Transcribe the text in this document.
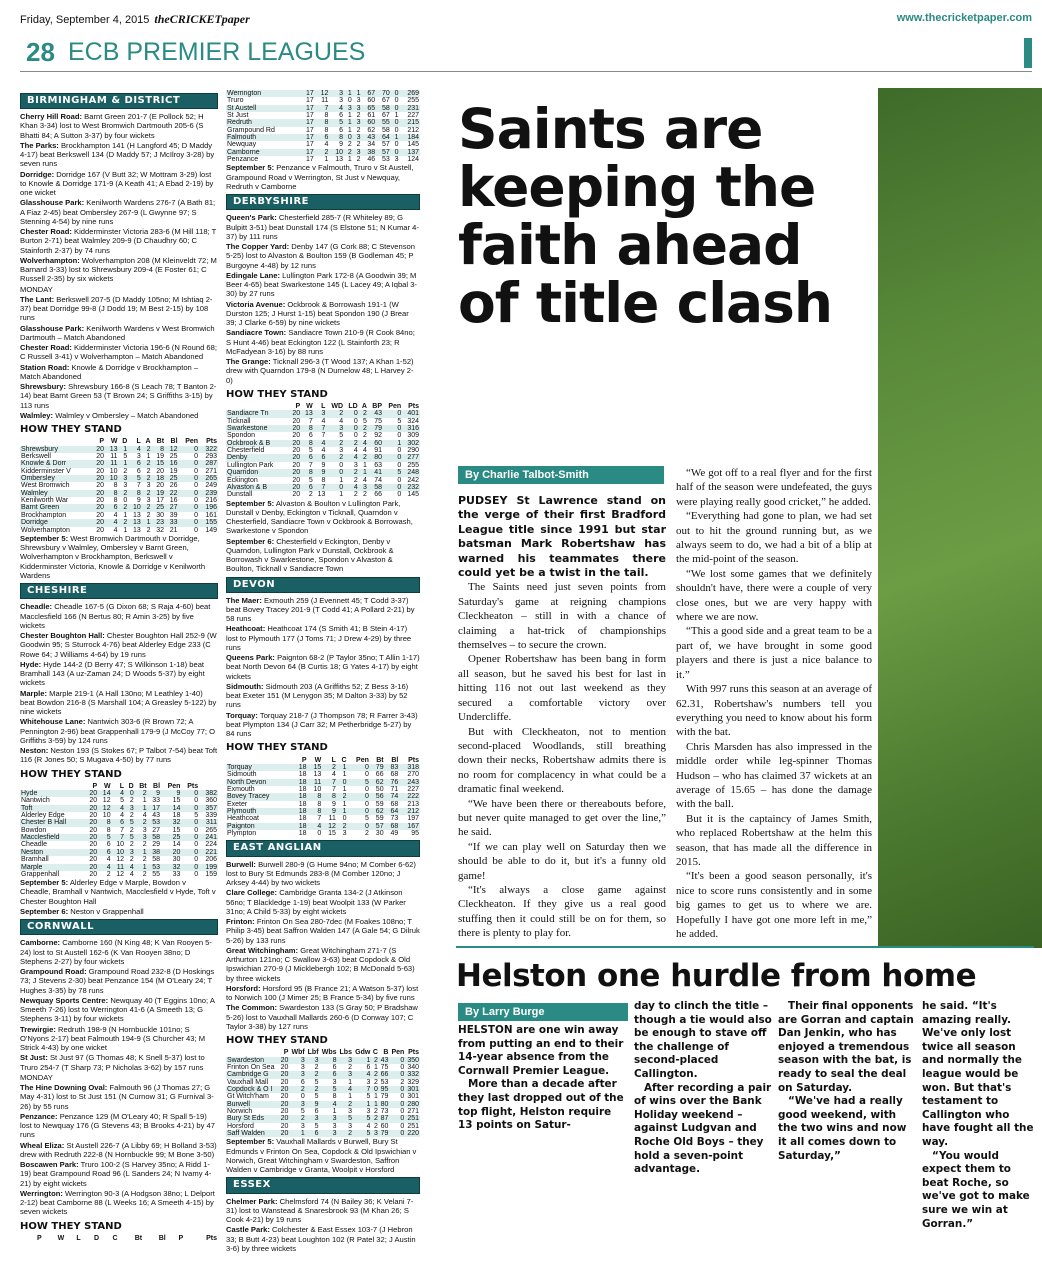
Friday, September 4, 2015 theCRICKETpaper	www.thecricketpaper.com
28 ECB PREMIER LEAGUES
BIRMINGHAM & DISTRICT
Cherry Hill Road: Barnt Green 201-7 (E Pollock 52; H Khan 3-34) lost to West Bromwich Dartmouth 205-6 (S Bhatti 84; A Sutton 3-37) by four wickets
The Parks: Brockhampton 141 (H Langford 45; D Maddy 4-17) beat Berkswell 134 (D Maddy 57; J McIlroy 3-28) by seven runs
Dorridge: Dorridge 167 (V Butt 32; W Mottram 3-29) lost to Knowle & Dorridge 171-9 (A Keath 41; A Ebad 2-19) by one wicket
Glasshouse Park: Kenilworth Wardens 276-7 (A Bath 81; A Fiaz 2-45) beat Ombersley 267-9 (L Gwynne 97; S Stenning 4-54) by nine runs
Chester Road: Kidderminster Victoria 283-6 (M Hill 118; T Burton 2-71) beat Walmley 209-9 (D Chaudhry 60; C Stainforth 2-37) by 74 runs
Wolverhampton: Wolverhampton 208 (M Kleinveldt 72; M Barnard 3-33) lost to Shrewsbury 209-4 (E Foster 61; C Russell 2-35) by six wickets
MONDAY
The Lant: Berkswell 207-5 (D Maddy 105no; M Ishtiaq 2-37) beat Dorridge 99-8 (J Dodd 19; M Best 2-15) by 108 runs
Glasshouse Park: Kenilworth Wardens v West Bromwich Dartmouth – Match Abandoned
Chester Road: Kidderminster Victoria 196-6 (N Round 68; C Russell 3-41) v Wolverhampton – Match Abandoned
Station Road: Knowle & Dorridge v Brockhampton – Match Abandoned
Shrewsbury: Shrewsbury 166-8 (S Leach 78; T Banton 2-14) beat Barnt Green 53 (T Brown 24; S Griffiths 3-15) by 113 runs
Walmley: Walmley v Ombersley – Match Abandoned
HOW THEY STAND
	P	W	D	L	A	Bt	Bl	Pen	Pts
Shrewsbury	20	13	1	4	2	8	12	0	322
Berkswell	20	11	5	3	1	19	25	0	293
Knowle & Dorr	20	11	1	6	2	15	16	0	287
Kidderminster V	20	10	2	6	2	20	19	0	271
Ombersley	20	10	3	5	2	18	25	0	265
West Bromwich	20	8	3	7	3	20	26	0	249
Walmley	20	8	2	8	2	19	22	0	239
Kenilworth War	20	8	0	9	3	17	16	0	216
Barnt Green	20	6	2	10	2	25	27	0	196
Brockhampton	20	4	1	13	2	30	39	0	161
Dorridge	20	4	2	13	1	23	33	0	155
Wolverhampton	20	4	1	13	2	32	21	0	149
September 5: West Bromwich Dartmouth v Dorridge, Shrewsbury v Walmley, Ombersley v Barnt Green, Wolverhampton v Brockhampton, Berkswell v Kidderminster Victoria, Knowle & Dorridge v Kenilworth Wardens
CHESHIRE
Cheadle: Cheadle 167-5 (G Dixon 68; S Raja 4-60) beat Macclesfield 166 (N Bertus 80; R Amin 3-25) by five wickets
Chester Boughton Hall: Chester Boughton Hall 252-9 (W Goodwin 95; S Sturrock 4-76) beat Alderley Edge 233 (C Rowe 64; J Williams 4-64) by 19 runs
Hyde: Hyde 144-2 (D Berry 47; S Wilkinson 1-18) beat Bramhall 143 (A uz-Zaman 24; D Woods 5-37) by eight wickets
Marple: Marple 219-1 (A Hall 130no; M Leathley 1-40) beat Bowdon 216-8 (S Marshall 104; A Greasley 5-122) by nine wickets
Whitehouse Lane: Nantwich 303-6 (R Brown 72; A Pennington 2-96) beat Grappenhall 179-9 (J McCoy 77; O Griffiths 3-59) by 124 runs
Neston: Neston 193 (S Stokes 67; P Talbot 7-54) beat Toft 116 (R Jones 50; S Mugava 4-50) by 77 runs
HOW THEY STAND
	P	W	L	D	Bt	Bl	Pen	Pts	
Hyde	20	14	4	0	2	9	9	0	382
Nantwich	20	12	5	2	1	33	15	0	360
Toft	20	12	4	3	1	17	14	0	357
Alderley Edge	20	10	4	2	4	43	18	5	339
Chester B Hall	20	8	6	5	2	53	32	0	311
Bowdon	20	8	7	2	3	27	15	0	265
Macclesfield	20	5	7	5	3	58	25	0	241
Cheadle	20	6	10	2	2	29	14	0	224
Neston	20	6	10	3	1	38	20	0	221
Bramhall	20	4	12	2	2	58	30	0	206
Marple	20	4	11	4	1	53	32	0	199
Grappenhall	20	2	12	4	2	55	33	0	159
September 5: Alderley Edge v Marple, Bowdon v Cheadle, Bramhall v Nantwich, Macclesfield v Hyde, Toft v Chester Boughton Hall
September 6: Neston v Grappenhall
CORNWALL
Camborne: Camborne 160 (N King 48; K Van Rooyen 5-24) lost to St Austell 162-6 (K Van Rooyen 38no; D Stephens 2-27) by four wickets
Grampound Road: Grampound Road 232-8 (D Hoskings 73; J Stevens 2-30) beat Penzance 154 (M O'Leary 24; T Hughes 3-35) by 78 runs
Newquay Sports Centre: Newquay 40 (T Eggins 10no; A Smeeth 7-26) lost to Werrington 41-6 (A Smeeth 13; G Stephens 3-11) by four wickets
Trewirgie: Redruth 198-9 (N Hornbuckle 101no; S O'Nyons 2-17) beat Falmouth 194-9 (S Churcher 43; M Strick 4-43) by one wicket
St Just: St Just 97 (G Thomas 48; K Snell 5-37) lost to Truro 254-7 (T Sharp 73; P Nicholas 3-62) by 157 runs
MONDAY
The Hine Downing Oval: Falmouth 96 (J Thomas 27; G May 4-31) lost to St Just 151 (N Curnow 31; G Furnival 3-26) by 55 runs
Penzance: Penzance 129 (M O'Leary 40; R Spall 5-19) lost to Newquay 176 (G Stevens 43; B Brooks 4-21) by 47 runs
Wheal Eliza: St Austell 226-7 (A Libby 69; H Bolland 3-53) drew with Redruth 222-8 (N Hornbuckle 99; M Bone 3-50)
Boscawen Park: Truro 100-2 (S Harvey 35no; A Ridd 1-19) beat Grampound Road 96 (L Sanders 24; N Ivamy 4-21) by eight wickets
Werrington: Werrington 90-3 (A Hodgson 38no; L Delport 2-12) beat Camborne 88 (L Weeks 16; A Smeeth 4-15) by seven wickets
HOW THEY STAND
	P	W	L	D	C	Bt	Bl	P	Pts
Werrington	17	12	3	1	1	67	70	0	269
Truro	17	11	3	0	3	60	67	0	255
St Austell	17	7	4	3	3	65	58	0	231
St Just	17	8	6	1	2	61	67	1	227
Redruth	17	8	5	1	3	60	55	0	215
Grampound Rd	17	8	6	1	2	62	58	0	212
Falmouth	17	6	8	0	3	43	64	1	184
Newquay	17	4	9	2	2	34	57	0	145
Camborne	17	2	10	2	3	38	57	0	137
Penzance	17	1	13	1	2	46	53	3	124
September 5: Penzance v Falmouth, Truro v St Austell, Grampound Road v Werrington, St Just v Newquay, Redruth v Camborne
DERBYSHIRE
Queen's Park: Chesterfield 285-7 (R Whiteley 89; G Bulpitt 3-51) beat Dunstall 174 (S Elstone 51; N Kumar 4-37) by 111 runs
The Copper Yard: Denby 147 (G Cork 88; C Stevenson 5-25) lost to Alvaston & Boulton 159 (B Godleman 45; P Burgoyne 4-48) by 12 runs
Edingale Lane: Lullington Park 172-8 (A Goodwin 39; M Beer 4-65) beat Swarkestone 145 (L Lacey 49; A Iqbal 3-30) by 27 runs
Victoria Avenue: Ockbrook & Borrowash 191-1 (W Durston 125; J Hurst 1-15) beat Spondon 190 (J Brear 39; J Clarke 6-59) by nine wickets
Sandiacre Town: Sandiacre Town 210-9 (R Cook 84no; S Hunt 4-46) beat Eckington 122 (L Stainforth 23; R McFadyean 3-16) by 88 runs
The Grange: Ticknall 296-3 (T Wood 137; A Khan 1-52) drew with Quarndon 179-8 (N Durnelow 48; L Harvey 2-0)
HOW THEY STAND
	P	W	L	WD	LD	A	BP	Pen	Pts
Sandiacre Tn	20	13	3	2	0	2	43	0	401
Ticknall	20	7	4	4	0	5	75	5	324
Swarkestone	20	8	7	3	0	2	79	0	316
Spondon	20	6	7	5	0	2	92	0	309
Ockbrook & B	20	8	4	2	2	4	60	1	302
Chesterfield	20	5	4	3	4	4	91	0	290
Denby	20	6	6	2	4	2	80	0	277
Lullington Park	20	7	9	0	3	1	63	0	255
Quarndon	20	8	9	0	2	1	41	5	248
Eckington	20	5	8	1	2	4	74	0	242
Alvaston & B	20	6	7	0	4	3	58	0	232
Dunstall	20	2	13	1	2	2	66	0	145
September 5: Alvaston & Boulton v Lullington Park, Dunstall v Denby, Eckington v Ticknall, Quarndon v Chesterfield, Sandiacre Town v Ockbrook & Borrowash, Swarkestone v Spondon
September 6: Chesterfield v Eckington, Denby v Quarndon, Lullington Park v Dunstall, Ockbrook & Borrowash v Swarkestone, Spondon v Alvaston & Boulton, Ticknall v Sandiacre Town
DEVON
The Maer: Exmouth 259 (J Evennett 45; T Codd 3-37) beat Bovey Tracey 201-9 (T Codd 41; A Pollard 2-21) by 58 runs
Heathcoat: Heathcoat 174 (S Smith 41; B Stein 4-17) lost to Plymouth 177 (J Toms 71; J Drew 4-29) by three runs
Queens Park: Paignton 68-2 (P Taylor 35no; T Allin 1-17) beat North Devon 64 (B Curtis 18; G Yates 4-17) by eight wickets
Sidmouth: Sidmouth 203 (A Griffiths 52; Z Bess 3-16) beat Exeter 151 (M Lenygon 35; M Dalton 3-33) by 52 runs
Torquay: Torquay 218-7 (J Thompson 78; R Farrer 3-43) beat Plympton 134 (J Carr 32; M Petherbridge 5-27) by 84 runs
HOW THEY STAND
	P	W	L	C	Pen	Bt	Bl	Pts
Torquay	18	15	2	1	0	79	83	318
Sidmouth	18	13	4	1	0	66	68	270
North Devon	18	11	7	0	5	62	76	243
Exmouth	18	10	7	1	0	50	71	227
Bovey Tracey	18	8	8	2	0	56	74	222
Exeter	18	8	9	1	0	59	68	213
Plymouth	18	8	9	1	0	62	64	212
Heathcoat	18	7	11	0	5	59	73	197
Paignton	18	4	12	2	0	57	68	167
Plympton	18	0	15	3	2	30	49	95
EAST ANGLIAN
Burwell: Burwell 280-9 (G Hume 94no; M Comber 6-62) lost to Bury St Edmunds 283-8 (M Comber 120no; J Arksey 4-44) by two wickets
Clare College: Cambridge Granta 134-2 (J Atkinson 56no; T Blackledge 1-19) beat Woolpit 133 (W Parker 31no; A Child 5-33) by eight wickets
Frinton: Frinton On Sea 280-7dec (M Foakes 108no; T Philip 3-45) beat Saffron Walden 147 (A Gale 54; G Dilruk 5-26) by 133 runs
Great Witchingham: Great Witchingham 271-7 (S Arthurton 121no; C Swallow 3-63) beat Copdock & Old Ipswichian 270-9 (J Micklebergh 102; B McDonald 5-63) by three wickets
Horsford: Horsford 95 (B France 21; A Watson 5-37) lost to Norwich 100 (J Mimer 25; B France 5-34) by five runs
The Common: Swardeston 133 (S Gray 50; P Bradshaw 5-26) lost to Vauxhall Mallards 260-6 (D Conway 107; C Taylor 3-38) by 127 runs
HOW THEY STAND
	P	Wbf	Lbf	Wbs	Lbs	Gdw	C	B	Pen	Pts
Swardeston	20	3	3	8	3	1	2	43	0	350
Frinton On Sea	20	3	2	6	2	6	1	75	0	340
Cambridge G	20	3	2	6	3	4	2	66	0	332
Vauxhall Mall	20	6	5	3	1	3	2	53	2	329
Copdock & O I	20	2	2	5	4	7	0	95	0	301
Gt Witch'ham	20	0	5	8	1	5	1	79	0	301
Burwell	20	3	9	4	2	1	1	80	0	280
Norwich	20	5	6	1	3	3	2	73	0	271
Bury St Eds	20	2	3	3	5	5	2	87	0	251
Horsford	20	3	5	3	3	4	2	60	0	251
Saff Walden	20	1	6	3	2	5	3	79	0	220
September 5: Vauxhall Mallards v Burwell, Bury St Edmunds v Frinton On Sea, Copdock & Old Ipswichian v Norwich, Great Witchingham v Swardeston, Saffron Walden v Cambridge v Granta, Woolpit v Horsford
ESSEX
Chelmer Park: Chelmsford 74 (N Bailey 36; K Velani 7-31) lost to Wanstead & Snaresbrook 93 (M Khan 26; S Cook 4-21) by 19 runs
Castle Park: Colchester & East Essex 103-7 (J Hebron 33; B Butt 4-23) beat Loughton 102 (R Patel 32; J Austin 3-6) by three wickets
Saints are keeping the faith ahead of title clash
By Charlie Talbot-Smith

PUDSEY St Lawrence stand on the verge of their first Bradford League title since 1991 but star batsman Mark Robertshaw has warned his teammates there could yet be a twist in the tail.

The Saints need just seven points from Saturday's game at reigning champions Cleckheaton – still in with a chance of claiming a hat-trick of championships themselves – to secure the crown.

Opener Robertshaw has been bang in form all season, but he saved his best for last in hitting 116 not out last weekend as they secured a comfortable victory over Undercliffe.

But with Cleckheaton, not to mention second-placed Woodlands, still breathing down their necks, Robertshaw admits there is no room for complacency in what could be a dramatic final weekend.

“We have been there or thereabouts before, but never quite managed to get over the line,” he said.

“If we can play well on Saturday then we should be able to do it, but it's a funny old game!

“It's always a close game against Cleckheaton. If they give us a real good stuffing then it could still be on for them, so there is plenty to play for.

“We got off to a real flyer and for the first half of the season were undefeated, the guys were playing really good cricket,” he added.

“Everything had gone to plan, we had set out to hit the ground running but, as we always seem to do, we had a bit of a blip at the mid-point of the season.

“We lost some games that we definitely shouldn't have, there were a couple of very close ones, but we are very happy with where we are now.

“This a good side and a great team to be a part of, we have brought in some good players and there is just a nice balance to it.”

With 997 runs this season at an average of 62.31, Robertshaw's numbers tell you everything you need to know about his form with the bat.

Chris Marsden has also impressed in the middle order while leg-spinner Thomas Hudson – who has claimed 37 wickets at an average of 15.65 – has done the damage with the ball.

But it is the captaincy of James Smith, who replaced Robertshaw at the helm this season, that has made all the difference in 2015.

“It's been a good season personally, it's nice to score runs consistently and in some big games to get us to where we are. Hopefully I have got one more left in me,” he added.

Helston one hurdle from home
By Larry Burge
HELSTON are one win away from putting an end to their 14-year absence from the Cornwall Premier League.
More than a decade after they last dropped out of the top flight, Helston require 13 points on Satur-
day to clinch the title – though a tie would also be enough to stave off the challenge of second-placed Callington.
After recording a pair of wins over the Bank Holiday weekend – against Ludgvan and Roche Old Boys – they hold a seven-point advantage.
Their final opponents are Gorran and captain Dan Jenkin, who has enjoyed a tremendous season with the bat, is ready to seal the deal on Saturday.
“We've had a really good weekend, with the two wins and now it all comes down to Saturday,”
he said. “It's amazing really. We've only lost twice all season and normally the league would be won. But that's testament to Callington who have fought all the way.
“You would expect them to beat Roche, so we've got to make sure we win at Gorran.”
